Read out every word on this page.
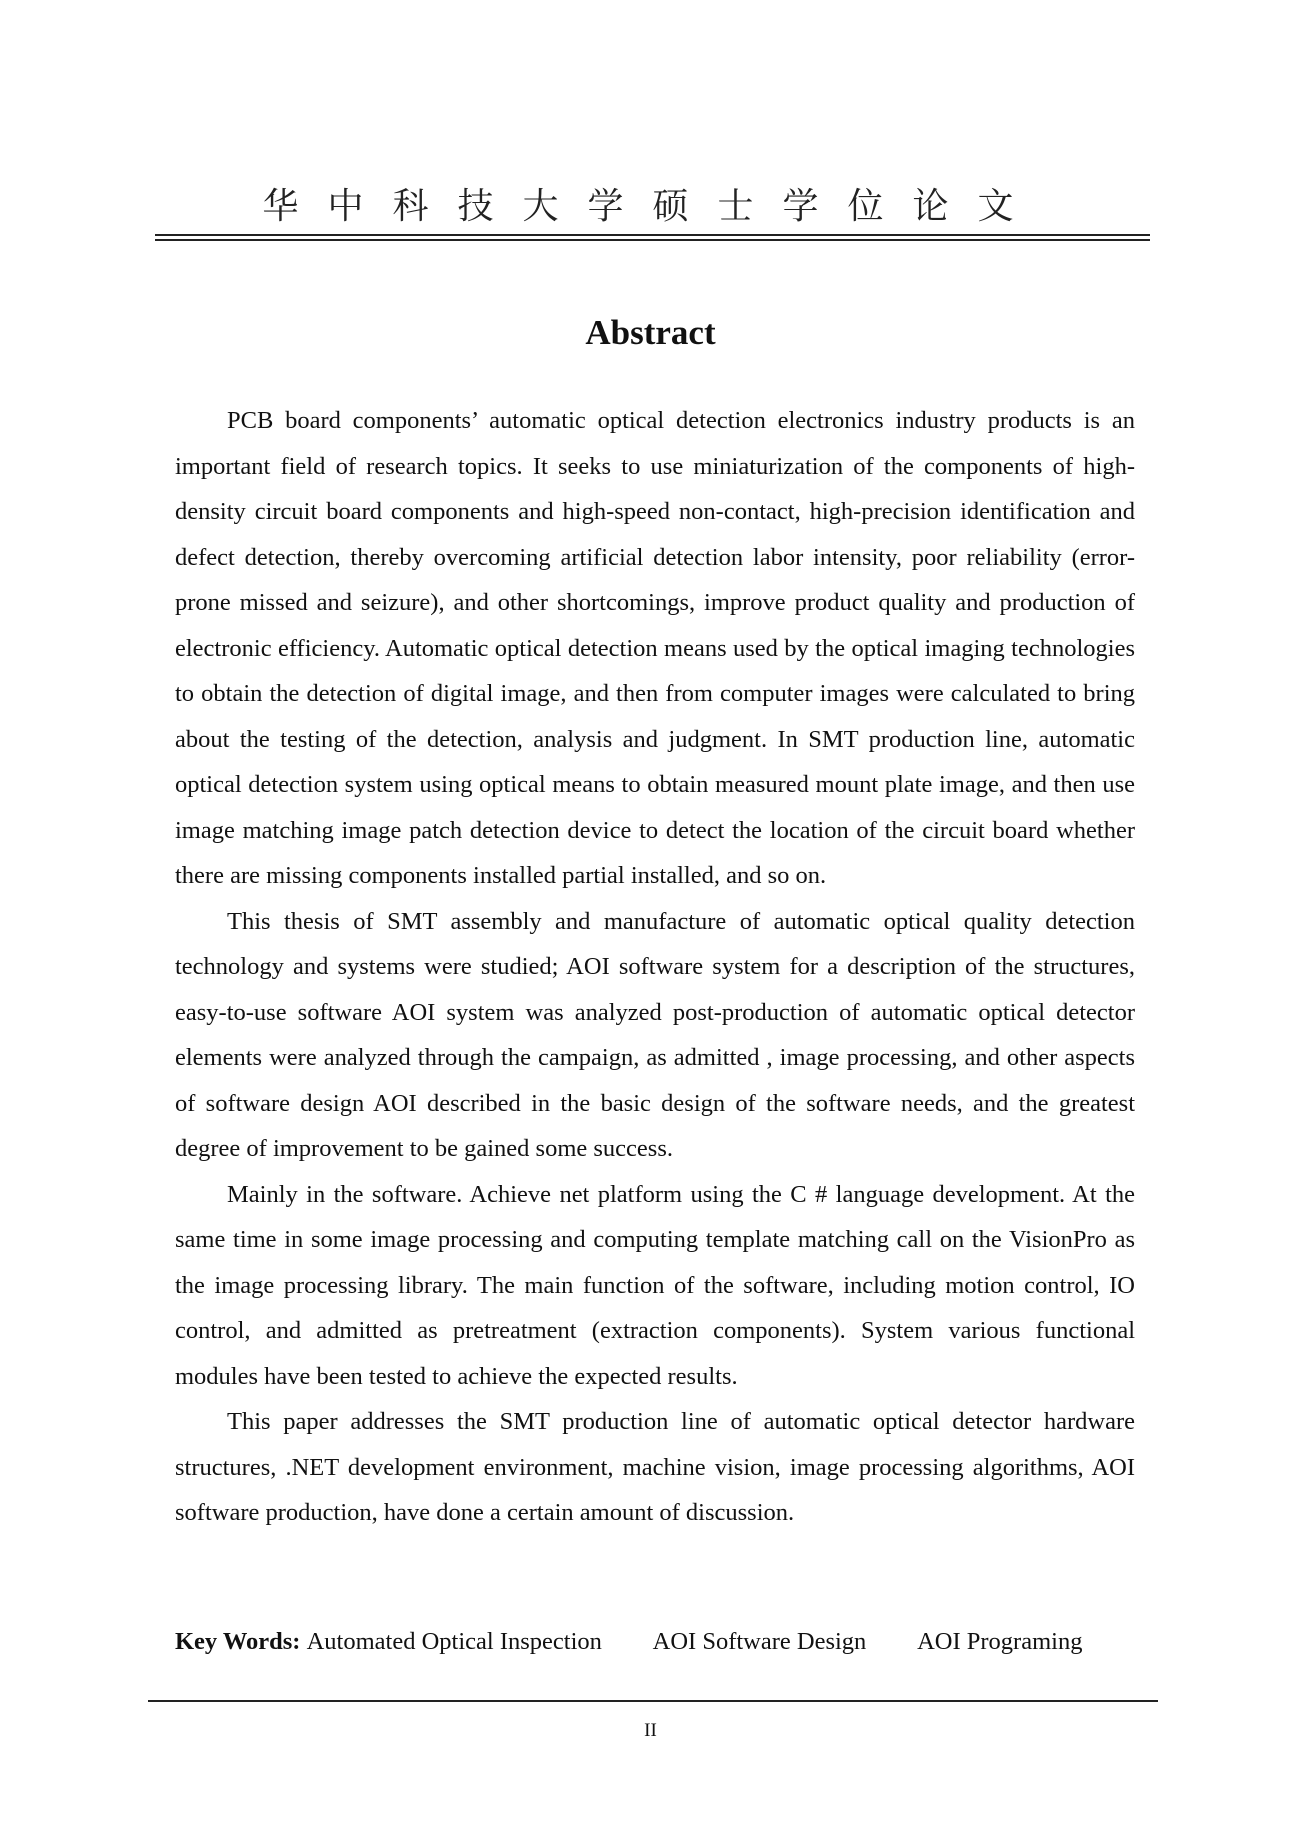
华中科技大学硕士学位论文
Abstract

PCB board components’ automatic optical detection electronics industry products is an important field of research topics. It seeks to use miniaturization of the components of high-density circuit board components and high-speed non-contact, high-precision identification and defect detection, thereby overcoming artificial detection labor intensity, poor reliability (error-prone missed and seizure), and other shortcomings, improve product quality and production of electronic efficiency. Automatic optical detection means used by the optical imaging technologies to obtain the detection of digital image, and then from computer images were calculated to bring about the testing of the detection, analysis and judgment. In SMT production line, automatic optical detection system using optical means to obtain measured mount plate image, and then use image matching image patch detection device to detect the location of the circuit board whether there are missing components installed partial installed, and so on.

This thesis of SMT assembly and manufacture of automatic optical quality detection technology and systems were studied; AOI software system for a description of the structures, easy-to-use software AOI system was analyzed post-production of automatic optical detector elements were analyzed through the campaign, as admitted , image processing, and other aspects of software design AOI described in the basic design of the software needs, and the greatest degree of improvement to be gained some success.

Mainly in the software. Achieve net platform using the C # language development. At the same time in some image processing and computing template matching call on the VisionPro as the image processing library. The main function of the software, including motion control, IO control, and admitted as pretreatment (extraction components). System various functional modules have been tested to achieve the expected results.

This paper addresses the SMT production line of automatic optical detector hardware structures, .NET development environment, machine vision, image processing algorithms, AOI software production, have done a certain amount of discussion.

Key Words: Automated Optical Inspection AOI Software Design AOI Programing
II
